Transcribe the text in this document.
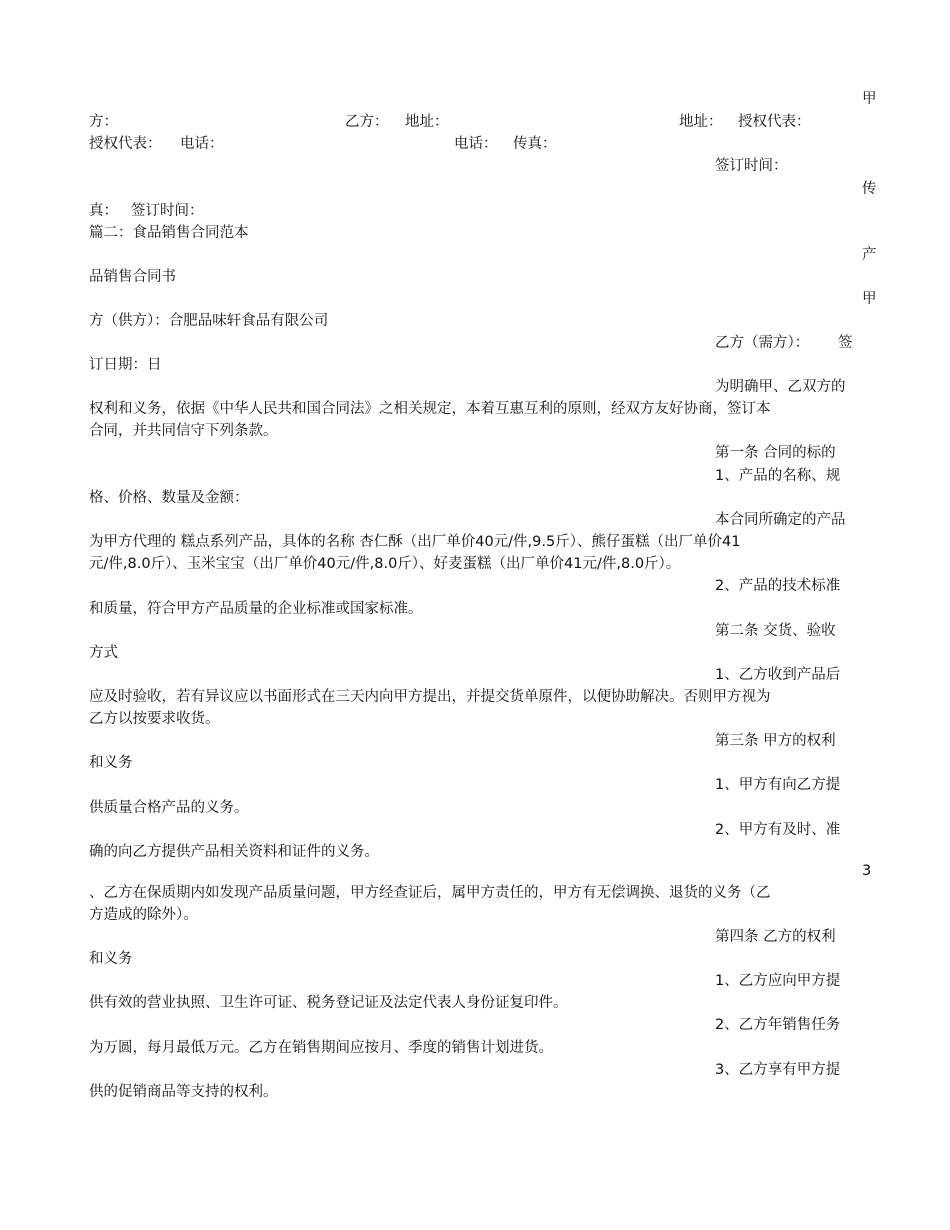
甲
方：	乙方： 地址：	地址： 授权代表：
授权代表： 电话：	电话： 传真：
签订时间：
传
真： 签订时间：
篇二：食品销售合同范本
产
品销售合同书
甲
方（供方）：合肥品味轩食品有限公司
乙方（需方）： 签
订日期：日
为明确甲、乙双方的
权利和义务，依据《中华人民共和国合同法》之相关规定，本着互惠互利的原则，经双方友好协商，签订本
合同，并共同信守下列条款。
第一条 合同的标的
1、产品的名称、规
格、价格、数量及金额：
本合同所确定的产品
为甲方代理的 糕点系列产品，具体的名称 杏仁酥（出厂单价40元/件,9.5斤）、熊仔蛋糕（出厂单价41
元/件,8.0斤）、玉米宝宝（出厂单价40元/件,8.0斤）、好麦蛋糕（出厂单价41元/件,8.0斤）。
2、产品的技术标准
和质量，符合甲方产品质量的企业标准或国家标准。
第二条 交货、验收
方式
1、乙方收到产品后
应及时验收，若有异议应以书面形式在三天内向甲方提出，并提交货单原件，以便协助解决。否则甲方视为
乙方以按要求收货。
第三条 甲方的权利
和义务
1、甲方有向乙方提
供质量合格产品的义务。
2、甲方有及时、准
确的向乙方提供产品相关资料和证件的义务。
3
、乙方在保质期内如发现产品质量问题，甲方经查证后，属甲方责任的，甲方有无偿调换、退货的义务（乙
方造成的除外）。
第四条 乙方的权利
和义务
1、乙方应向甲方提
供有效的营业执照、卫生许可证、税务登记证及法定代表人身份证复印件。
2、乙方年销售任务
为万圆，每月最低万元。乙方在销售期间应按月、季度的销售计划进货。
3、乙方享有甲方提
供的促销商品等支持的权利。
